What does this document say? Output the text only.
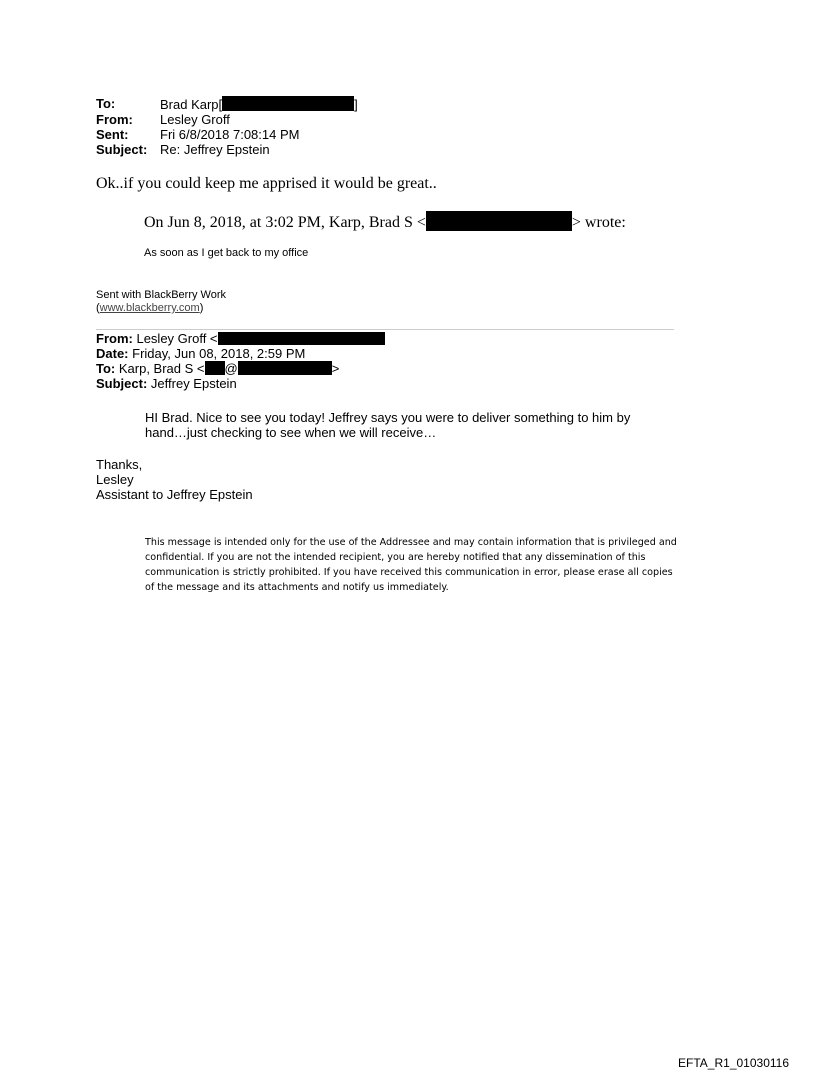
To:	Brad Karp[	]
From:	Lesley Groff
Sent:	Fri 6/8/2018 7:08:14 PM
Subject: Re: Jeffrey Epstein
Ok..if you could keep me apprised it would be great..
On Jun 8, 2018, at 3:02 PM, Karp, Brad S <	> wrote:
As soon as I get back to my office
Sent with BlackBerry Work
(www.blackberry.com)
From: Lesley Groff <
Date: Friday, Jun 08, 2018, 2:59 PM
To: Karp, Brad S < @	>
Subject: Jeffrey Epstein
HI Brad. Nice to see you today! Jeffrey says you were to deliver something to him by hand…just checking to see when we will receive…
Thanks,
Lesley
Assistant to Jeffrey Epstein
This message is intended only for the use of the Addressee and may contain information that is privileged and confidential. If you are not the intended recipient, you are hereby notified that any dissemination of this communication is strictly prohibited. If you have received this communication in error, please erase all copies of the message and its attachments and notify us immediately.
EFTA_R1_01030116
